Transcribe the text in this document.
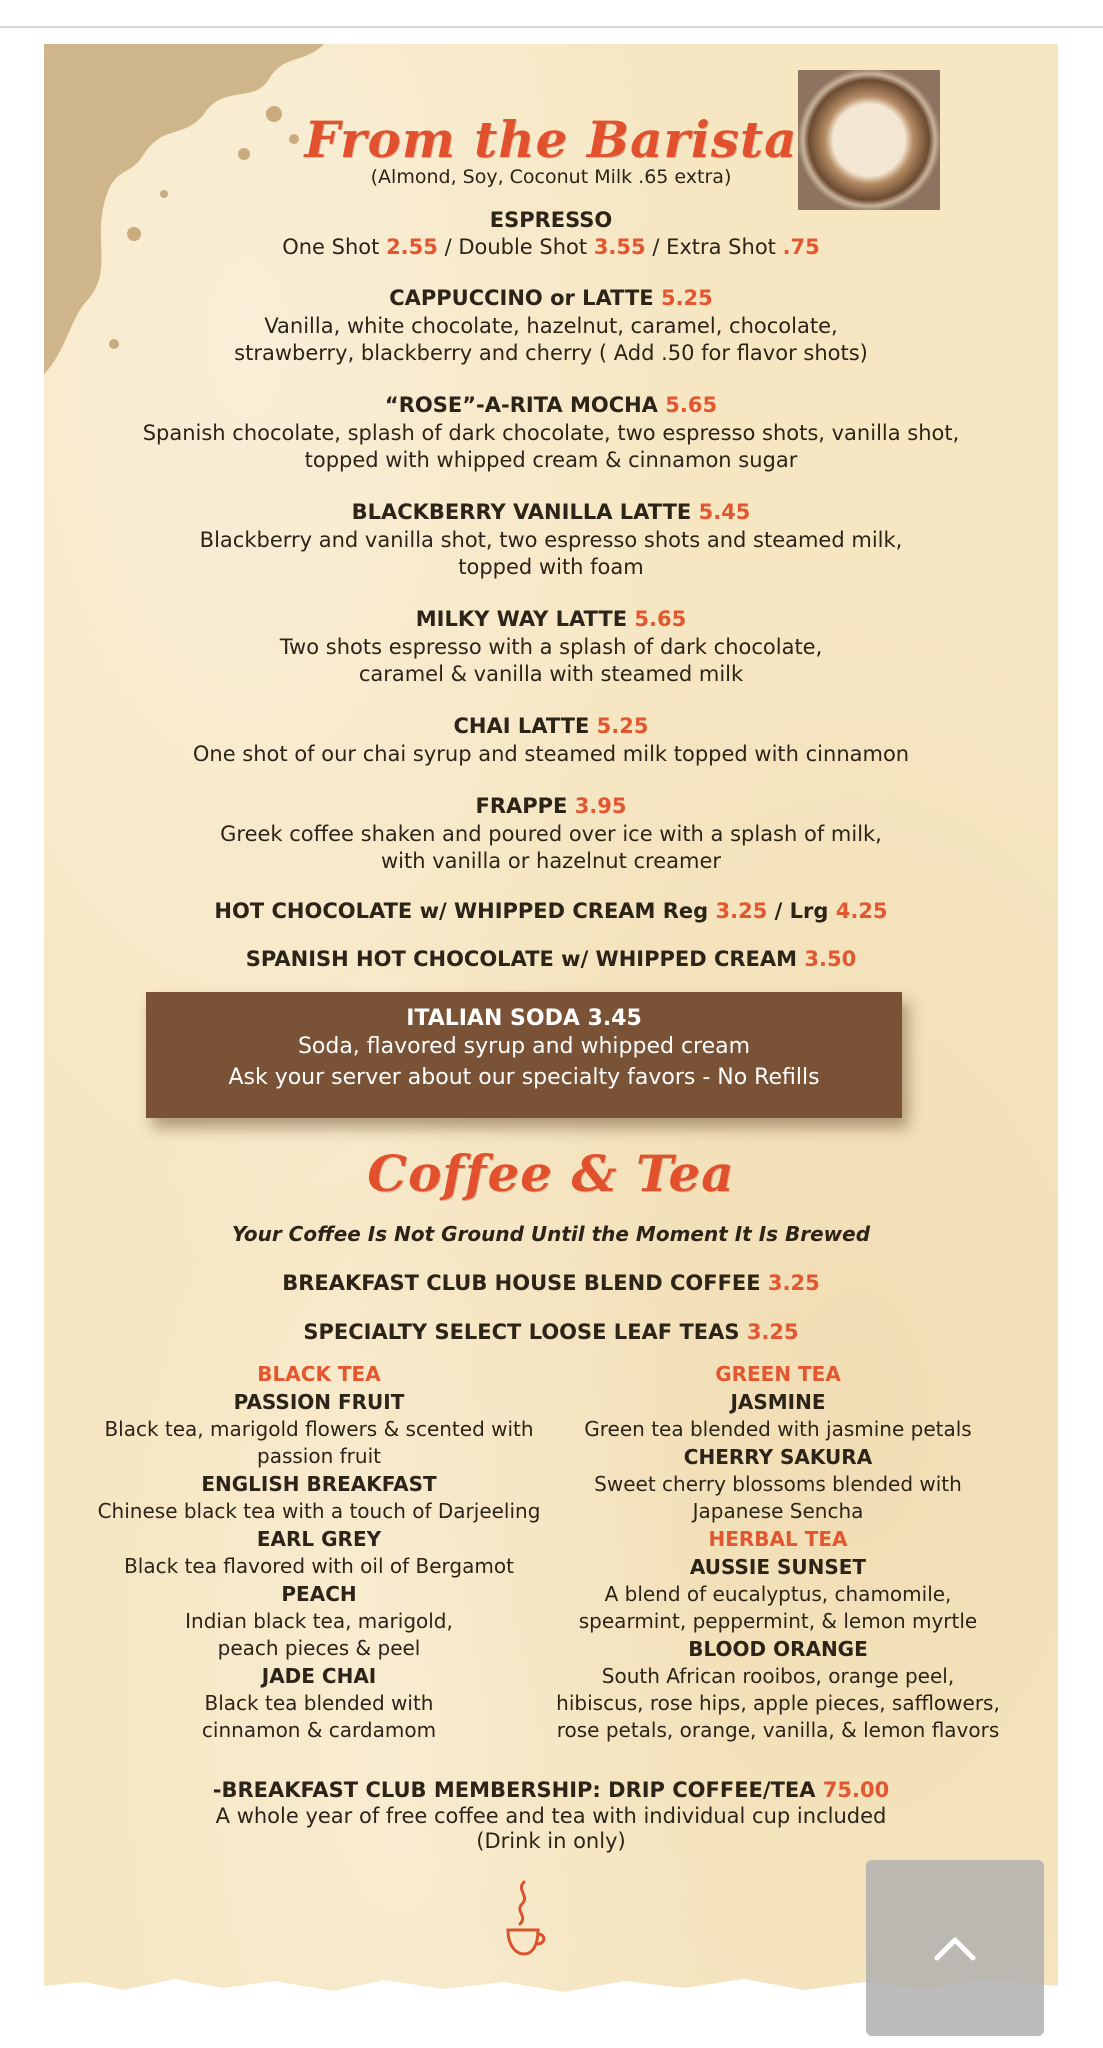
From the Barista
(Almond, Soy, Coconut Milk .65 extra)
ESPRESSO
One Shot 2.55 / Double Shot 3.55 / Extra Shot .75
CAPPUCCINO or LATTE 5.25
Vanilla, white chocolate, hazelnut, caramel, chocolate,
strawberry, blackberry and cherry ( Add .50 for flavor shots)
“ROSE”-A-RITA MOCHA 5.65
Spanish chocolate, splash of dark chocolate, two espresso shots, vanilla shot,
topped with whipped cream & cinnamon sugar
BLACKBERRY VANILLA LATTE 5.45
Blackberry and vanilla shot, two espresso shots and steamed milk,
topped with foam
MILKY WAY LATTE 5.65
Two shots espresso with a splash of dark chocolate,
caramel & vanilla with steamed milk
CHAI LATTE 5.25
One shot of our chai syrup and steamed milk topped with cinnamon
FRAPPE 3.95
Greek coffee shaken and poured over ice with a splash of milk,
with vanilla or hazelnut creamer
HOT CHOCOLATE w/ WHIPPED CREAM Reg 3.25 / Lrg 4.25
SPANISH HOT CHOCOLATE w/ WHIPPED CREAM 3.50
ITALIAN SODA 3.45
Soda, flavored syrup and whipped cream
Ask your server about our specialty favors - No Refills
Coffee & Tea
Your Coffee Is Not Ground Until the Moment It Is Brewed
BREAKFAST CLUB HOUSE BLEND COFFEE 3.25
SPECIALTY SELECT LOOSE LEAF TEAS 3.25
BLACK TEA
PASSION FRUIT
Black tea, marigold flowers & scented with
passion fruit
ENGLISH BREAKFAST
Chinese black tea with a touch of Darjeeling
EARL GREY
Black tea flavored with oil of Bergamot
PEACH
Indian black tea, marigold,
peach pieces & peel
JADE CHAI
Black tea blended with
cinnamon & cardamom
GREEN TEA
JASMINE
Green tea blended with jasmine petals
CHERRY SAKURA
Sweet cherry blossoms blended with
Japanese Sencha
HERBAL TEA
AUSSIE SUNSET
A blend of eucalyptus, chamomile,
spearmint, peppermint, & lemon myrtle
BLOOD ORANGE
South African rooibos, orange peel,
hibiscus, rose hips, apple pieces, safflowers,
rose petals, orange, vanilla, & lemon flavors
-BREAKFAST CLUB MEMBERSHIP: DRIP COFFEE/TEA 75.00
A whole year of free coffee and tea with individual cup included
(Drink in only)
